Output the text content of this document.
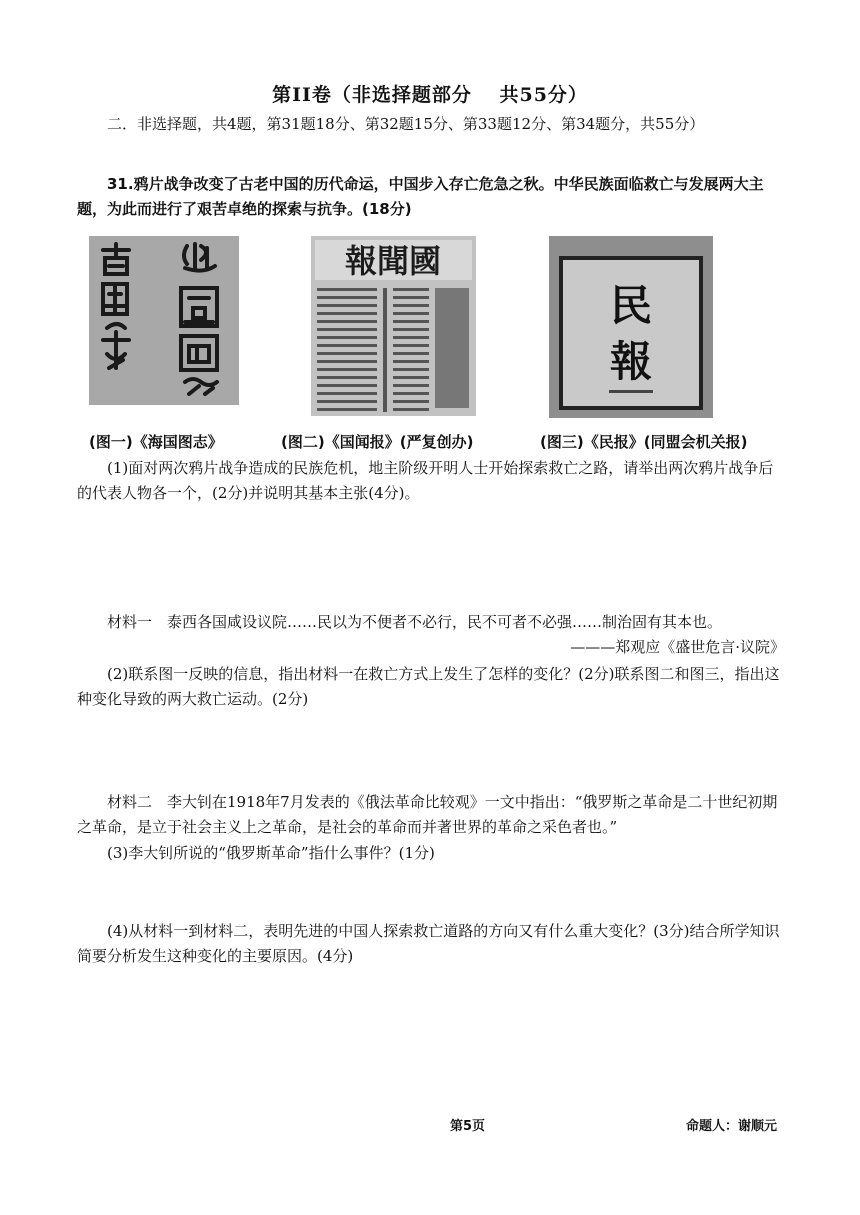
第II卷（非选择题部分　 共55分）
二．非选择题，共4题，第31题18分、第32题15分、第33题12分、第34题分，共55分）
31.鸦片战争改变了古老中国的历代命运，中国步入存亡危急之秋。中华民族面临救亡与发展两大主题，为此而进行了艰苦卓绝的探索与抗争。(18分)
報聞國
民
報
(图一)《海国图志》	(图二)《国闻报》(严复创办)	(图三)《民报》(同盟会机关报)
(1)面对两次鸦片战争造成的民族危机，地主阶级开明人士开始探索救亡之路，请举出两次鸦片战争后的代表人物各一个，(2分)并说明其基本主张(4分)。
材料一　泰西各国咸设议院……民以为不便者不必行，民不可者不必强……制治固有其本也。
———郑观应《盛世危言·议院》
(2)联系图一反映的信息，指出材料一在救亡方式上发生了怎样的变化？(2分)联系图二和图三，指出这种变化导致的两大救亡运动。(2分)
材料二　李大钊在1918年7月发表的《俄法革命比较观》一文中指出：“俄罗斯之革命是二十世纪初期之革命，是立于社会主义上之革命，是社会的革命而并著世界的革命之采色者也。”
(3)李大钊所说的“俄罗斯革命”指什么事件？(1分)
(4)从材料一到材料二，表明先进的中国人探索救亡道路的方向又有什么重大变化？(3分)结合所学知识简要分析发生这种变化的主要原因。(4分)
第5页	命题人：谢顺元
